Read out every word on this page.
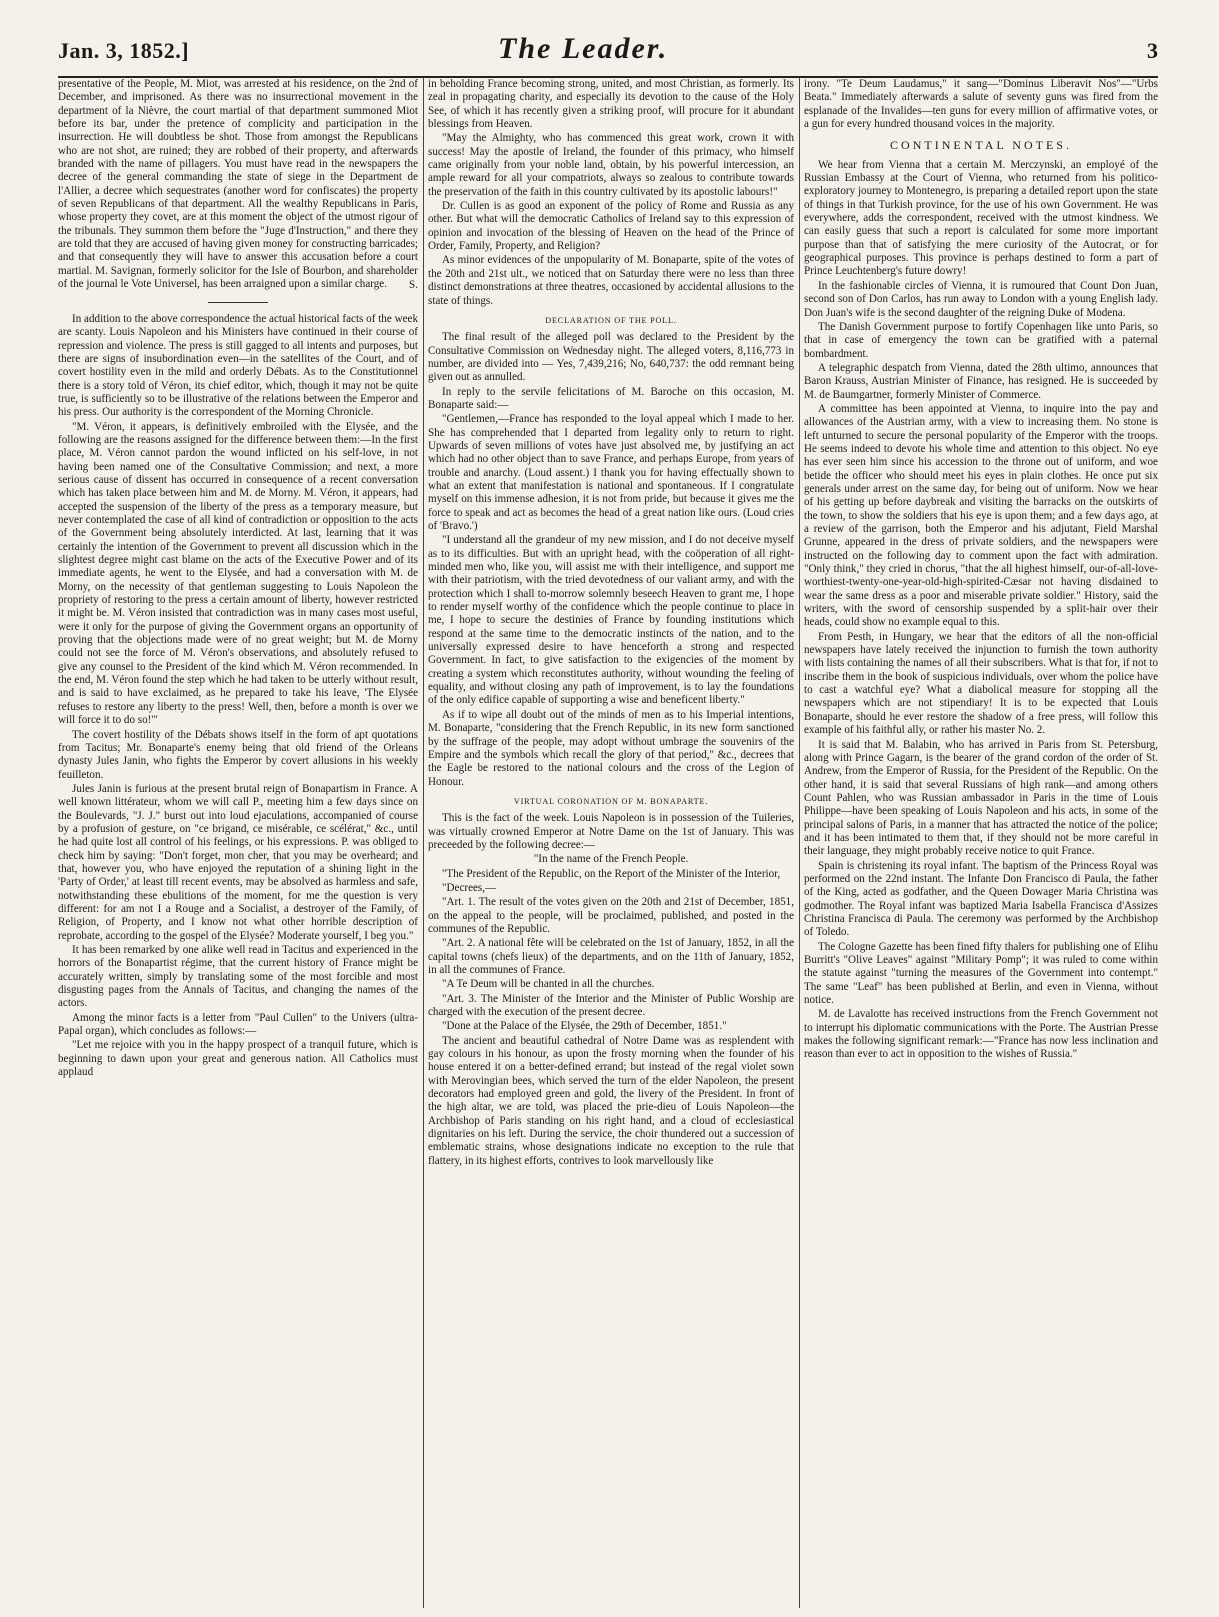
Jan. 3, 1852.]	The Leader.	3

presentative of the People, M. Miot, was arrested at his residence, on the 2nd of December, and imprisoned. As there was no insurrectional movement in the department of la Nièvre, the court martial of that department summoned Miot before its bar, under the pretence of complicity and participation in the insurrection. He will doubtless be shot. Those from amongst the Republicans who are not shot, are ruined; they are robbed of their property, and afterwards branded with the name of pillagers. You must have read in the newspapers the decree of the general commanding the state of siege in the Department de l'Allier, a decree which sequestrates (another word for confiscates) the property of seven Republicans of that department. All the wealthy Republicans in Paris, whose property they covet, are at this moment the object of the utmost rigour of the tribunals. They summon them before the "Juge d'Instruction," and there they are told that they are accused of having given money for constructing barricades; and that consequently they will have to answer this accusation before a court martial. M. Savignan, formerly solicitor for the Isle of Bourbon, and shareholder of the journal le Vote Universel, has been arraigned upon a similar charge.	S.

In addition to the above correspondence the actual historical facts of the week are scanty. Louis Napoleon and his Ministers have continued in their course of repression and violence. The press is still gagged to all intents and purposes, but there are signs of insubordination even—in the satellites of the Court, and of covert hostility even in the mild and orderly Débats. As to the Constitutionnel there is a story told of Véron, its chief editor, which, though it may not be quite true, is sufficiently so to be illustrative of the relations between the Emperor and his press. Our authority is the correspondent of the Morning Chronicle.

"M. Véron, it appears, is definitively embroiled with the Elysée, and the following are the reasons assigned for the difference between them:—In the first place, M. Véron cannot pardon the wound inflicted on his self-love, in not having been named one of the Consultative Commission; and next, a more serious cause of dissent has occurred in consequence of a recent conversation which has taken place between him and M. de Morny. M. Véron, it appears, had accepted the suspension of the liberty of the press as a temporary measure, but never contemplated the case of all kind of contradiction or opposition to the acts of the Government being absolutely interdicted. At last, learning that it was certainly the intention of the Government to prevent all discussion which in the slightest degree might cast blame on the acts of the Executive Power and of its immediate agents, he went to the Elysée, and had a conversation with M. de Morny, on the necessity of that gentleman suggesting to Louis Napoleon the propriety of restoring to the press a certain amount of liberty, however restricted it might be. M. Véron insisted that contradiction was in many cases most useful, were it only for the purpose of giving the Government organs an opportunity of proving that the objections made were of no great weight; but M. de Morny could not see the force of M. Véron's observations, and absolutely refused to give any counsel to the President of the kind which M. Véron recommended. In the end, M. Véron found the step which he had taken to be utterly without result, and is said to have exclaimed, as he prepared to take his leave, 'The Elysée refuses to restore any liberty to the press! Well, then, before a month is over we will force it to do so!'"

The covert hostility of the Débats shows itself in the form of apt quotations from Tacitus; Mr. Bonaparte's enemy being that old friend of the Orleans dynasty Jules Janin, who fights the Emperor by covert allusions in his weekly feuilleton.

Jules Janin is furious at the present brutal reign of Bonapartism in France. A well known littérateur, whom we will call P., meeting him a few days since on the Boulevards, "J. J." burst out into loud ejaculations, accompanied of course by a profusion of gesture, on "ce brigand, ce misérable, ce scélérat," &c., until he had quite lost all control of his feelings, or his expressions. P. was obliged to check him by saying: "Don't forget, mon cher, that you may be overheard; and that, however you, who have enjoyed the reputation of a shining light in the 'Party of Order,' at least till recent events, may be absolved as harmless and safe, notwithstanding these ebulitions of the moment, for me the question is very different: for am not I a Rouge and a Socialist, a destroyer of the Family, of Religion, of Property, and I know not what other horrible description of reprobate, according to the gospel of the Elysée? Moderate yourself, I beg you."

It has been remarked by one alike well read in Tacitus and experienced in the horrors of the Bonapartist régime, that the current history of France might be accurately written, simply by translating some of the most forcible and most disgusting pages from the Annals of Tacitus, and changing the names of the actors.

Among the minor facts is a letter from "Paul Cullen" to the Univers (ultra-Papal organ), which concludes as follows:—

"Let me rejoice with you in the happy prospect of a tranquil future, which is beginning to dawn upon your great and generous nation. All Catholics must applaud

in beholding France becoming strong, united, and most Christian, as formerly. Its zeal in propagating charity, and especially its devotion to the cause of the Holy See, of which it has recently given a striking proof, will procure for it abundant blessings from Heaven.

"May the Almighty, who has commenced this great work, crown it with success! May the apostle of Ireland, the founder of this primacy, who himself came originally from your noble land, obtain, by his powerful intercession, an ample reward for all your compatriots, always so zealous to contribute towards the preservation of the faith in this country cultivated by its apostolic labours!"

Dr. Cullen is as good an exponent of the policy of Rome and Russia as any other. But what will the democratic Catholics of Ireland say to this expression of opinion and invocation of the blessing of Heaven on the head of the Prince of Order, Family, Property, and Religion?

As minor evidences of the unpopularity of M. Bonaparte, spite of the votes of the 20th and 21st ult., we noticed that on Saturday there were no less than three distinct demonstrations at three theatres, occasioned by accidental allusions to the state of things.

DECLARATION OF THE POLL.

The final result of the alleged poll was declared to the President by the Consultative Commission on Wednesday night. The alleged voters, 8,116,773 in number, are divided into — Yes, 7,439,216; No, 640,737: the odd remnant being given out as annulled.

In reply to the servile felicitations of M. Baroche on this occasion, M. Bonaparte said:—

"Gentlemen,—France has responded to the loyal appeal which I made to her. She has comprehended that I departed from legality only to return to right. Upwards of seven millions of votes have just absolved me, by justifying an act which had no other object than to save France, and perhaps Europe, from years of trouble and anarchy. (Loud assent.) I thank you for having effectually shown to what an extent that manifestation is national and spontaneous. If I congratulate myself on this immense adhesion, it is not from pride, but because it gives me the force to speak and act as becomes the head of a great nation like ours. (Loud cries of 'Bravo.')

"I understand all the grandeur of my new mission, and I do not deceive myself as to its difficulties. But with an upright head, with the coöperation of all right-minded men who, like you, will assist me with their intelligence, and support me with their patriotism, with the tried devotedness of our valiant army, and with the protection which I shall to-morrow solemnly beseech Heaven to grant me, I hope to render myself worthy of the confidence which the people continue to place in me, I hope to secure the destinies of France by founding institutions which respond at the same time to the democratic instincts of the nation, and to the universally expressed desire to have henceforth a strong and respected Government. In fact, to give satisfaction to the exigencies of the moment by creating a system which reconstitutes authority, without wounding the feeling of equality, and without closing any path of improvement, is to lay the foundations of the only edifice capable of supporting a wise and beneficent liberty."

As if to wipe all doubt out of the minds of men as to his Imperial intentions, M. Bonaparte, "considering that the French Republic, in its new form sanctioned by the suffrage of the people, may adopt without umbrage the souvenirs of the Empire and the symbols which recall the glory of that period," &c., decrees that the Eagle be restored to the national colours and the cross of the Legion of Honour.

VIRTUAL CORONATION OF M. BONAPARTE.

This is the fact of the week. Louis Napoleon is in possession of the Tuileries, was virtually crowned Emperor at Notre Dame on the 1st of January. This was preceeded by the following decree:—

"In the name of the French People.

"The President of the Republic, on the Report of the Minister of the Interior,

"Decrees,—

"Art. 1. The result of the votes given on the 20th and 21st of December, 1851, on the appeal to the people, will be proclaimed, published, and posted in the communes of the Republic.

"Art. 2. A national fête will be celebrated on the 1st of January, 1852, in all the capital towns (chefs lieux) of the departments, and on the 11th of January, 1852, in all the communes of France.

"A Te Deum will be chanted in all the churches.

"Art. 3. The Minister of the Interior and the Minister of Public Worship are charged with the execution of the present decree.

"Done at the Palace of the Elysée, the 29th of December, 1851."

The ancient and beautiful cathedral of Notre Dame was as resplendent with gay colours in his honour, as upon the frosty morning when the founder of his house entered it on a better-defined errand; but instead of the regal violet sown with Merovingian bees, which served the turn of the elder Napoleon, the present decorators had employed green and gold, the livery of the President. In front of the high altar, we are told, was placed the prie-dieu of Louis Napoleon—the Archbishop of Paris standing on his right hand, and a cloud of ecclesiastical dignitaries on his left. During the service, the choir thundered out a succession of emblematic strains, whose designations indicate no exception to the rule that flattery, in its highest efforts, contrives to look marvellously like

irony. "Te Deum Laudamus," it sang—"Dominus Liberavit Nos"—"Urbs Beata." Immediately afterwards a salute of seventy guns was fired from the esplanade of the Invalides—ten guns for every million of affirmative votes, or a gun for every hundred thousand voices in the majority.

CONTINENTAL NOTES.

We hear from Vienna that a certain M. Merczynski, an employé of the Russian Embassy at the Court of Vienna, who returned from his politico-exploratory journey to Montenegro, is preparing a detailed report upon the state of things in that Turkish province, for the use of his own Government. He was everywhere, adds the correspondent, received with the utmost kindness. We can easily guess that such a report is calculated for some more important purpose than that of satisfying the mere curiosity of the Autocrat, or for geographical purposes. This province is perhaps destined to form a part of Prince Leuchtenberg's future dowry!

In the fashionable circles of Vienna, it is rumoured that Count Don Juan, second son of Don Carlos, has run away to London with a young English lady. Don Juan's wife is the second daughter of the reigning Duke of Modena.

The Danish Government purpose to fortify Copenhagen like unto Paris, so that in case of emergency the town can be gratified with a paternal bombardment.

A telegraphic despatch from Vienna, dated the 28th ultimo, announces that Baron Krauss, Austrian Minister of Finance, has resigned. He is succeeded by M. de Baumgartner, formerly Minister of Commerce.

A committee has been appointed at Vienna, to inquire into the pay and allowances of the Austrian army, with a view to increasing them. No stone is left unturned to secure the personal popularity of the Emperor with the troops. He seems indeed to devote his whole time and attention to this object. No eye has ever seen him since his accession to the throne out of uniform, and woe betide the officer who should meet his eyes in plain clothes. He once put six generals under arrest on the same day, for being out of uniform. Now we hear of his getting up before daybreak and visiting the barracks on the outskirts of the town, to show the soldiers that his eye is upon them; and a few days ago, at a review of the garrison, both the Emperor and his adjutant, Field Marshal Grunne, appeared in the dress of private soldiers, and the newspapers were instructed on the following day to comment upon the fact with admiration. "Only think," they cried in chorus, "that the all highest himself, our-of-all-love-worthiest-twenty-one-year-old-high-spirited-Cæsar not having disdained to wear the same dress as a poor and miserable private soldier." History, said the writers, with the sword of censorship suspended by a split-hair over their heads, could show no example equal to this.

From Pesth, in Hungary, we hear that the editors of all the non-official newspapers have lately received the injunction to furnish the town authority with lists containing the names of all their subscribers. What is that for, if not to inscribe them in the book of suspicious individuals, over whom the police have to cast a watchful eye? What a diabolical measure for stopping all the newspapers which are not stipendiary! It is to be expected that Louis Bonaparte, should he ever restore the shadow of a free press, will follow this example of his faithful ally, or rather his master No. 2.

It is said that M. Balabin, who has arrived in Paris from St. Petersburg, along with Prince Gagarn, is the bearer of the grand cordon of the order of St. Andrew, from the Emperor of Russia, for the President of the Republic. On the other hand, it is said that several Russians of high rank—and among others Count Pahlen, who was Russian ambassador in Paris in the time of Louis Philippe—have been speaking of Louis Napoleon and his acts, in some of the principal salons of Paris, in a manner that has attracted the notice of the police; and it has been intimated to them that, if they should not be more careful in their language, they might probably receive notice to quit France.

Spain is christening its royal infant. The baptism of the Princess Royal was performed on the 22nd instant. The Infante Don Francisco di Paula, the father of the King, acted as godfather, and the Queen Dowager Maria Christina was godmother. The Royal infant was baptized Maria Isabella Francisca d'Assizes Christina Francisca di Paula. The ceremony was performed by the Archbishop of Toledo.

The Cologne Gazette has been fined fifty thalers for publishing one of Elihu Burritt's "Olive Leaves" against "Military Pomp"; it was ruled to come within the statute against "turning the measures of the Government into contempt." The same "Leaf" has been published at Berlin, and even in Vienna, without notice.

M. de Lavalotte has received instructions from the French Government not to interrupt his diplomatic communications with the Porte. The Austrian Presse makes the following significant remark:—"France has now less inclination and reason than ever to act in opposition to the wishes of Russia."
